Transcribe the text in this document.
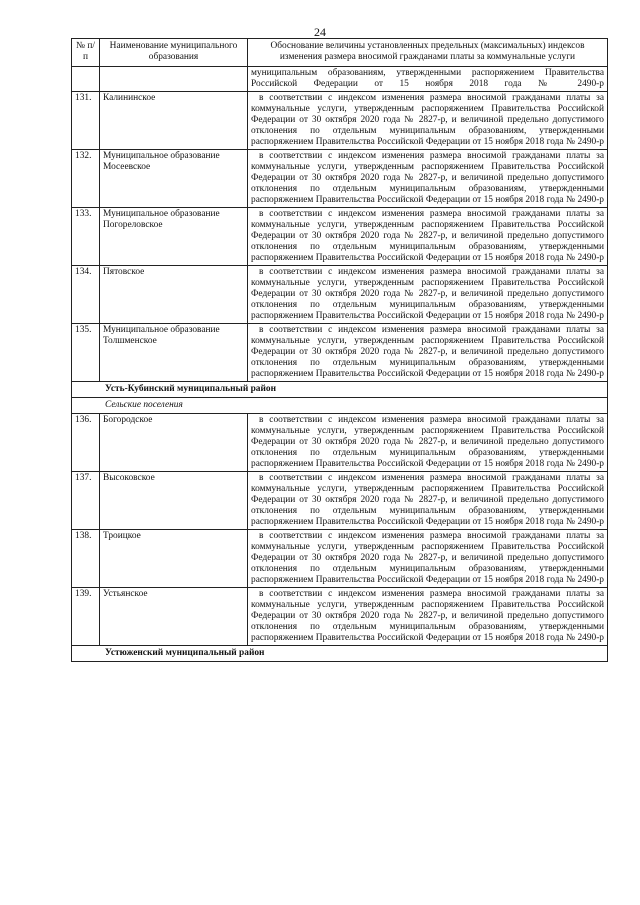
24
№ п/п	Наименование муниципального образования	Обоснование величины установленных предельных (максимальных) индексов изменения размера вносимой гражданами платы за коммунальные услуги
		муниципальным образованиям, утвержденными распоряжением Правительства Российской Федерации от 15 ноября 2018 года № 2490-р
131.	Калининское	в соответствии с индексом изменения размера вносимой гражданами платы за коммунальные услуги, утвержденным распоряжением Правительства Российской Федерации от 30 октября 2020 года № 2827-р, и величиной предельно допустимого отклонения по отдельным муниципальным образованиям, утвержденными распоряжением Правительства Российской Федерации от 15 ноября 2018 года № 2490-р
132.	Муниципальное образование Мосеевское	в соответствии с индексом изменения размера вносимой гражданами платы за коммунальные услуги, утвержденным распоряжением Правительства Российской Федерации от 30 октября 2020 года № 2827-р, и величиной предельно допустимого отклонения по отдельным муниципальным образованиям, утвержденными распоряжением Правительства Российской Федерации от 15 ноября 2018 года № 2490-р
133.	Муниципальное образование Погореловское	в соответствии с индексом изменения размера вносимой гражданами платы за коммунальные услуги, утвержденным распоряжением Правительства Российской Федерации от 30 октября 2020 года № 2827-р, и величиной предельно допустимого отклонения по отдельным муниципальным образованиям, утвержденными распоряжением Правительства Российской Федерации от 15 ноября 2018 года № 2490-р
134.	Пятовское	в соответствии с индексом изменения размера вносимой гражданами платы за коммунальные услуги, утвержденным распоряжением Правительства Российской Федерации от 30 октября 2020 года № 2827-р, и величиной предельно допустимого отклонения по отдельным муниципальным образованиям, утвержденными распоряжением Правительства Российской Федерации от 15 ноября 2018 года № 2490-р
135.	Муниципальное образование Толшменское	в соответствии с индексом изменения размера вносимой гражданами платы за коммунальные услуги, утвержденным распоряжением Правительства Российской Федерации от 30 октября 2020 года № 2827-р, и величиной предельно допустимого отклонения по отдельным муниципальным образованиям, утвержденными распоряжением Правительства Российской Федерации от 15 ноября 2018 года № 2490-р
Усть-Кубинский муниципальный район		
Сельские поселения		
136.	Богородское	в соответствии с индексом изменения размера вносимой гражданами платы за коммунальные услуги, утвержденным распоряжением Правительства Российской Федерации от 30 октября 2020 года № 2827-р, и величиной предельно допустимого отклонения по отдельным муниципальным образованиям, утвержденными распоряжением Правительства Российской Федерации от 15 ноября 2018 года № 2490-р
137.	Высоковское	в соответствии с индексом изменения размера вносимой гражданами платы за коммунальные услуги, утвержденным распоряжением Правительства Российской Федерации от 30 октября 2020 года № 2827-р, и величиной предельно допустимого отклонения по отдельным муниципальным образованиям, утвержденными распоряжением Правительства Российской Федерации от 15 ноября 2018 года № 2490-р
138.	Троицкое	в соответствии с индексом изменения размера вносимой гражданами платы за коммунальные услуги, утвержденным распоряжением Правительства Российской Федерации от 30 октября 2020 года № 2827-р, и величиной предельно допустимого отклонения по отдельным муниципальным образованиям, утвержденными распоряжением Правительства Российской Федерации от 15 ноября 2018 года № 2490-р
139.	Устьянское	в соответствии с индексом изменения размера вносимой гражданами платы за коммунальные услуги, утвержденным распоряжением Правительства Российской Федерации от 30 октября 2020 года № 2827-р, и величиной предельно допустимого отклонения по отдельным муниципальным образованиям, утвержденными распоряжением Правительства Российской Федерации от 15 ноября 2018 года № 2490-р
Устюженский муниципальный район		
